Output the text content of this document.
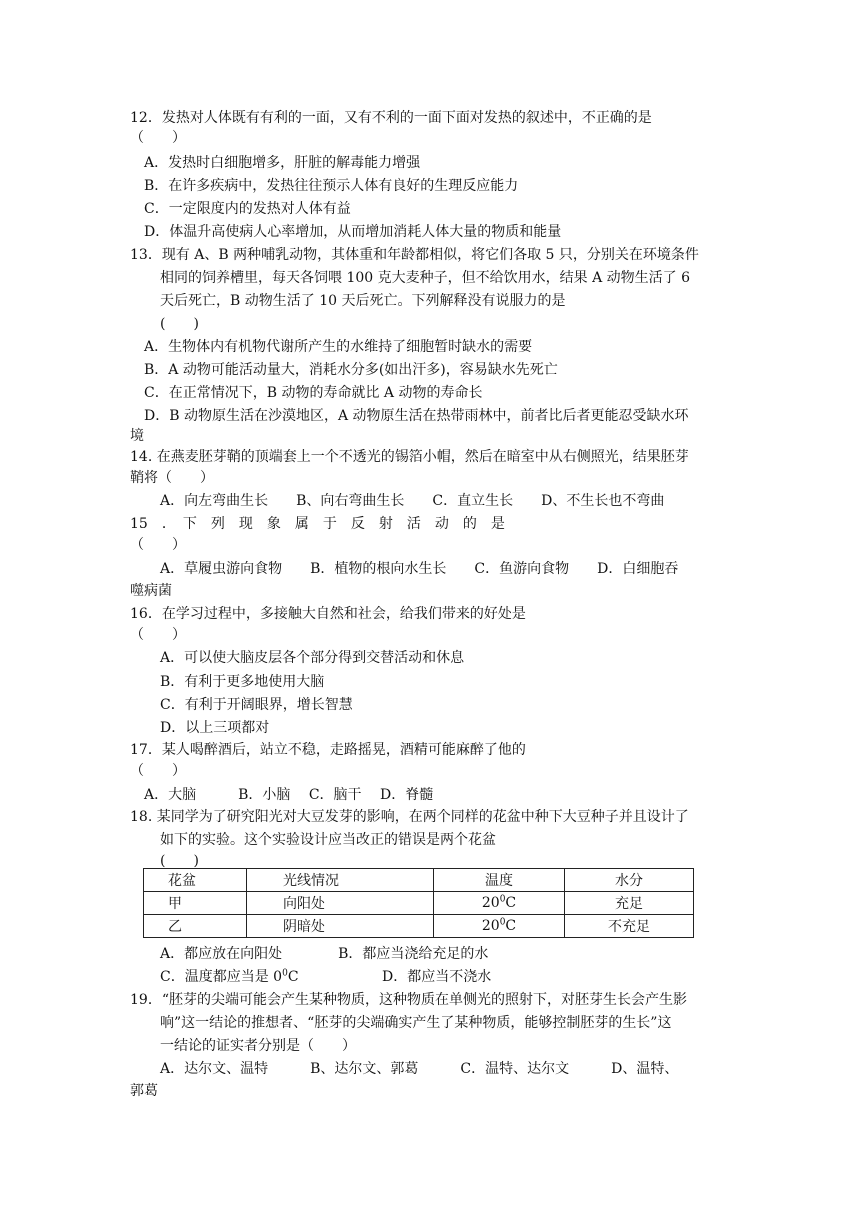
12．发热对人体既有有利的一面，又有不利的一面下面对发热的叙述中，不正确的是
（　　）
A．发热时白细胞增多，肝脏的解毒能力增强
B．在许多疾病中，发热往往预示人体有良好的生理反应能力
C．一定限度内的发热对人体有益
D．体温升高使病人心率增加，从而增加消耗人体大量的物质和能量
13．现有 A、B 两种哺乳动物，其体重和年龄都相似，将它们各取 5 只，分别关在环境条件
相同的饲养槽里，每天各饲喂 100 克大麦种子，但不给饮用水，结果 A 动物生活了 6
天后死亡，B 动物生活了 10 天后死亡。下列解释没有说服力的是
(　　)
A．生物体内有机物代谢所产生的水维持了细胞暂时缺水的需要
B．A 动物可能活动量大，消耗水分多(如出汗多)，容易缺水先死亡
C．在正常情况下，B 动物的寿命就比 A 动物的寿命长
D．B 动物原生活在沙漠地区，A 动物原生活在热带雨林中，前者比后者更能忍受缺水环
境
14. 在燕麦胚芽鞘的顶端套上一个不透光的锡箔小帽，然后在暗室中从右侧照光，结果胚芽
鞘将（　　）
A．向左弯曲生长　　B、向右弯曲生长　　C．直立生长　　D、不生长也不弯曲
15　．　下　列　现　象　属　于　反　射　活　动　的　是
（　　）
A．草履虫游向食物　　B．植物的根向水生长　　C．鱼游向食物　　D．白细胞吞
噬病菌
16．在学习过程中，多接触大自然和社会，给我们带来的好处是
（　　）
A．可以使大脑皮层各个部分得到交替活动和休息
B．有利于更多地使用大脑
C．有利于开阔眼界，增长智慧
D．以上三项都对
17．某人喝醉酒后，站立不稳，走路摇晃，酒精可能麻醉了他的
（　　）
A．大脑　　　B．小脑　 C．脑干　 D．脊髓
18. 某同学为了研究阳光对大豆发芽的影响，在两个同样的花盆中种下大豆种子并且设计了
如下的实验。这个实验设计应当改正的错误是两个花盆
(　　)
花盆	光线情况	温度	水分
甲	向阳处	$20^0C$	充足
乙	阴暗处	$20^0C$	不充足
A．都应放在向阳处　　　　B．都应当浇给充足的水
C．温度都应当是 $0^0C$	D．都应当不浇水
19．“胚芽的尖端可能会产生某种物质，这种物质在单侧光的照射下，对胚芽生长会产生影
响”这一结论的推想者、“胚芽的尖端确实产生了某种物质，能够控制胚芽的生长”这
一结论的证实者分别是（　　）
A．达尔文、温特　　　B、达尔文、郭葛　　　C．温特、达尔文　　　D、温特、
郭葛
